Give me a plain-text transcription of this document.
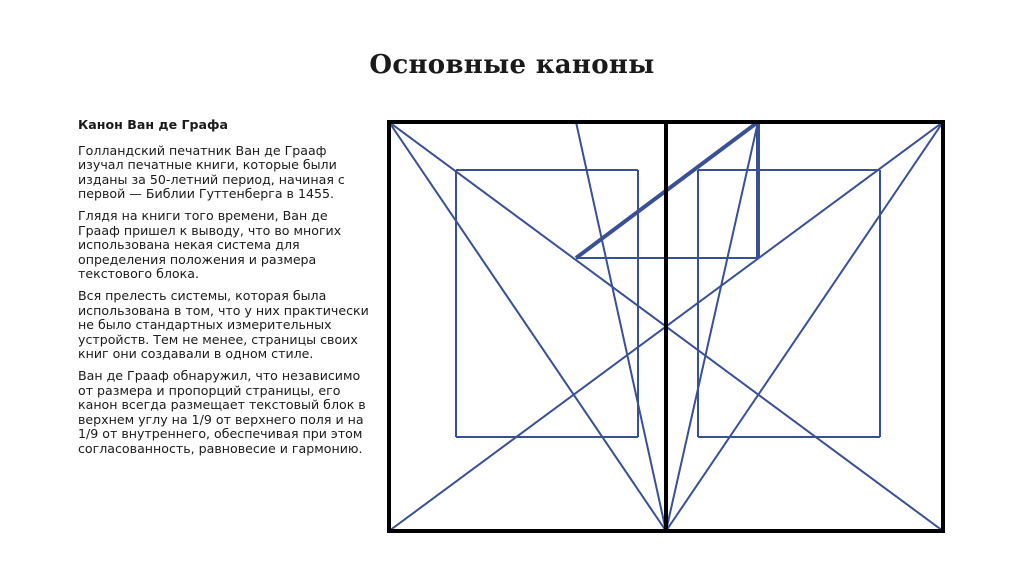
Основные каноны

Канон Ван де Графа

Голландский печатник Ван де Грааф изучал печатные книги, которые были изданы за 50-летний период, начиная с первой — Библии Гуттенберга в 1455.

Глядя на книги того времени, Ван де Грааф пришел к выводу, что во многих использована некая система для определения положения и размера текстового блока.

Вся прелесть системы, которая была использована в том, что у них практически не было стандартных измерительных устройств. Тем не менее, страницы своих книг они создавали в одном стиле.

Ван де Грааф обнаружил, что независимо от размера и пропорций страницы, его канон всегда размещает текстовый блок в верхнем углу на 1/9 от верхнего поля и на 1/9 от внутреннего, обеспечивая при этом согласованность, равновесие и гармонию.
